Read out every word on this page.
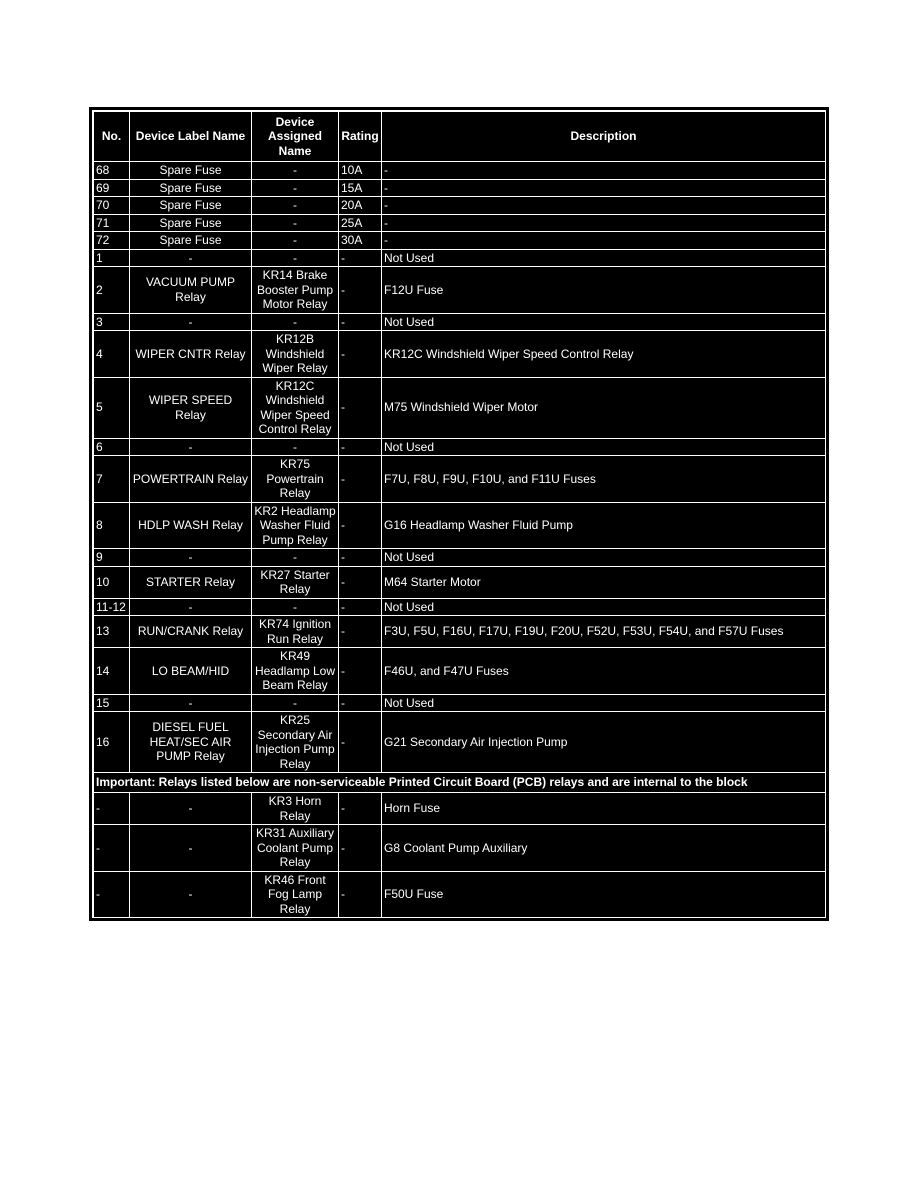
No.	Device Label Name	Device Assigned Name	Rating	Description
68	Spare Fuse	-	10A	-
69	Spare Fuse	-	15A	-
70	Spare Fuse	-	20A	-
71	Spare Fuse	-	25A	-
72	Spare Fuse	-	30A	-
1	-	-	-	Not Used
2	VACUUM PUMP Relay	KR14 Brake Booster Pump Motor Relay	-	F12U Fuse
3	-	-	-	Not Used
4	WIPER CNTR Relay	KR12B Windshield Wiper Relay	-	KR12C Windshield Wiper Speed Control Relay
5	WIPER SPEED Relay	KR12C Windshield Wiper Speed Control Relay	-	M75 Windshield Wiper Motor
6	-	-	-	Not Used
7	POWERTRAIN Relay	KR75 Powertrain Relay	-	F7U, F8U, F9U, F10U, and F11U Fuses
8	HDLP WASH Relay	KR2 Headlamp Washer Fluid Pump Relay	-	G16 Headlamp Washer Fluid Pump
9	-	-	-	Not Used
10	STARTER Relay	KR27 Starter Relay	-	M64 Starter Motor
11-12	-	-	-	Not Used
13	RUN/CRANK Relay	KR74 Ignition Run Relay	-	F3U, F5U, F16U, F17U, F19U, F20U, F52U, F53U, F54U, and F57U Fuses
14	LO BEAM/HID	KR49 Headlamp Low Beam Relay	-	F46U, and F47U Fuses
15	-	-	-	Not Used
16	DIESEL FUEL HEAT/SEC AIR PUMP Relay	KR25 Secondary Air Injection Pump Relay	-	G21 Secondary Air Injection Pump
Important: Relays listed below are non-serviceable Printed Circuit Board (PCB) relays and are internal to the block				
-	-	KR3 Horn Relay	-	Horn Fuse
-	-	KR31 Auxiliary Coolant Pump Relay	-	G8 Coolant Pump Auxiliary
-	-	KR46 Front Fog Lamp Relay	-	F50U Fuse
